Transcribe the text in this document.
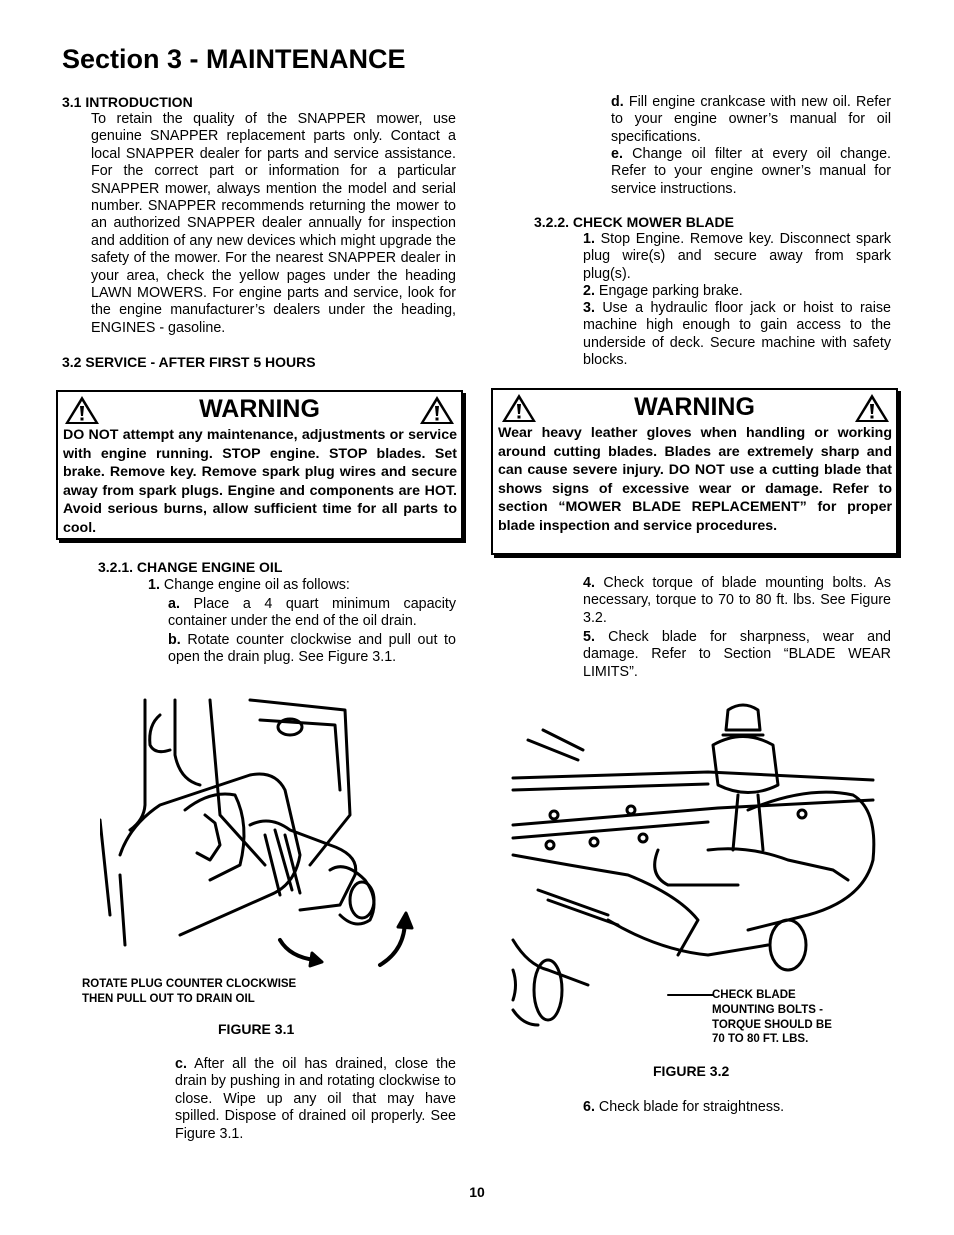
Section 3 - MAINTENANCE
3.1 INTRODUCTION
To retain the quality of the SNAPPER mower, use genuine SNAPPER replacement parts only. Contact a local SNAPPER dealer for parts and service assistance. For the correct part or information for a particular SNAPPER mower, always mention the model and serial number. SNAPPER recommends returning the mower to an authorized SNAPPER dealer annually for inspection and addition of any new devices which might upgrade the safety of the mower. For the nearest SNAPPER dealer in your area, check the yellow pages under the heading LAWN MOWERS. For engine parts and service, look for the engine manufacturer’s dealers under the heading, ENGINES - gasoline.
3.2 SERVICE - AFTER FIRST 5 HOURS
WARNING
DO NOT attempt any maintenance, adjustments or service with engine running. STOP engine. STOP blades. Set brake. Remove key. Remove spark plug wires and secure away from spark plugs. Engine and components are HOT. Avoid serious burns, allow sufficient time for all parts to cool.
3.2.1. CHANGE ENGINE OIL
1. Change engine oil as follows:
a. Place a 4 quart minimum capacity container under the end of the oil drain.
b. Rotate counter clockwise and pull out to open the drain plug. See Figure 3.1.
ROTATE PLUG COUNTER CLOCKWISE
THEN PULL OUT TO DRAIN OIL
FIGURE 3.1
c. After all the oil has drained, close the drain by pushing in and rotating clockwise to close. Wipe up any oil that may have spilled. Dispose of drained oil properly. See Figure 3.1.
d. Fill engine crankcase with new oil. Refer to your engine owner’s manual for oil specifications.
e. Change oil filter at every oil change. Refer to your engine owner’s manual for service instructions.
3.2.2. CHECK MOWER BLADE
1. Stop Engine. Remove key. Disconnect spark plug wire(s) and secure away from spark plug(s).
2. Engage parking brake.
3. Use a hydraulic floor jack or hoist to raise machine high enough to gain access to the underside of deck. Secure machine with safety blocks.
WARNING
Wear heavy leather gloves when handling or working around cutting blades. Blades are extremely sharp and can cause severe injury. DO NOT use a cutting blade that shows signs of excessive wear or damage. Refer to section “MOWER BLADE REPLACEMENT” for proper blade inspection and service procedures.
4. Check torque of blade mounting bolts. As necessary, torque to 70 to 80 ft. lbs. See Figure 3.2.
5. Check blade for sharpness, wear and damage. Refer to Section “BLADE WEAR LIMITS”.
CHECK BLADE
MOUNTING BOLTS -
TORQUE SHOULD BE
70 TO 80 FT. LBS.
FIGURE 3.2
6. Check blade for straightness.
10
